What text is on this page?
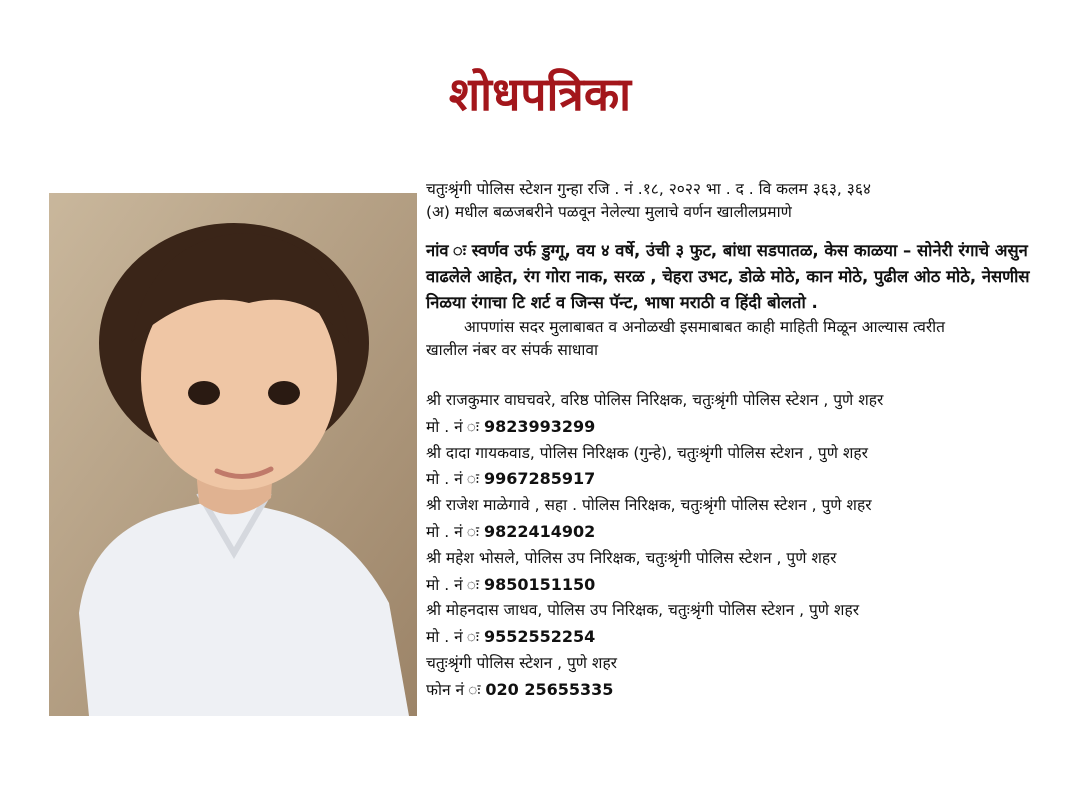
शोधपत्रिका
चतुःश्रृंगी पोलिस स्टेशन गुन्हा रजि . नं .१८, २०२२ भा . द . वि कलम ३६३, ३६४
(अ) मधील बळजबरीने पळवून नेलेल्या मुलाचे वर्णन खालीलप्रमाणे
नांव ः स्वर्णव उर्फ डुग्गू, वय ४ वर्षे, उंची ३ फुट, बांधा सडपातळ, केस काळया – सोनेरी रंगाचे असुन वाढलेले आहेत, रंग गोरा नाक, सरळ , चेहरा उभट, डोळे मोठे, कान मोठे, पुढील ओठ मोठे, नेसणीस निळया रंगाचा टि शर्ट व जिन्स पॅन्ट, भाषा मराठी व हिंदी बोलतो .
आपणांस सदर मुलाबाबत व अनोळखी इसमाबाबत काही माहिती मिळून आल्यास त्वरीत
खालील नंबर वर संपर्क साधावा
श्री राजकुमार वाघचवरे, वरिष्ठ पोलिस निरिक्षक, चतुःश्रृंगी पोलिस स्टेशन , पुणे शहर
मो . नं ः 9823993299
श्री दादा गायकवाड, पोलिस निरिक्षक (गुन्हे), चतुःश्रृंगी पोलिस स्टेशन , पुणे शहर
मो . नं ः 9967285917
श्री राजेश माळेगावे , सहा . पोलिस निरिक्षक, चतुःश्रृंगी पोलिस स्टेशन , पुणे शहर
मो . नं ः 9822414902
श्री महेश भोसले, पोलिस उप निरिक्षक, चतुःश्रृंगी पोलिस स्टेशन , पुणे शहर
मो . नं ः 9850151150
श्री मोहनदास जाधव, पोलिस उप निरिक्षक, चतुःश्रृंगी पोलिस स्टेशन , पुणे शहर
मो . नं ः 9552552254
चतुःश्रृंगी पोलिस स्टेशन , पुणे शहर
फोन नं ः 020 25655335
